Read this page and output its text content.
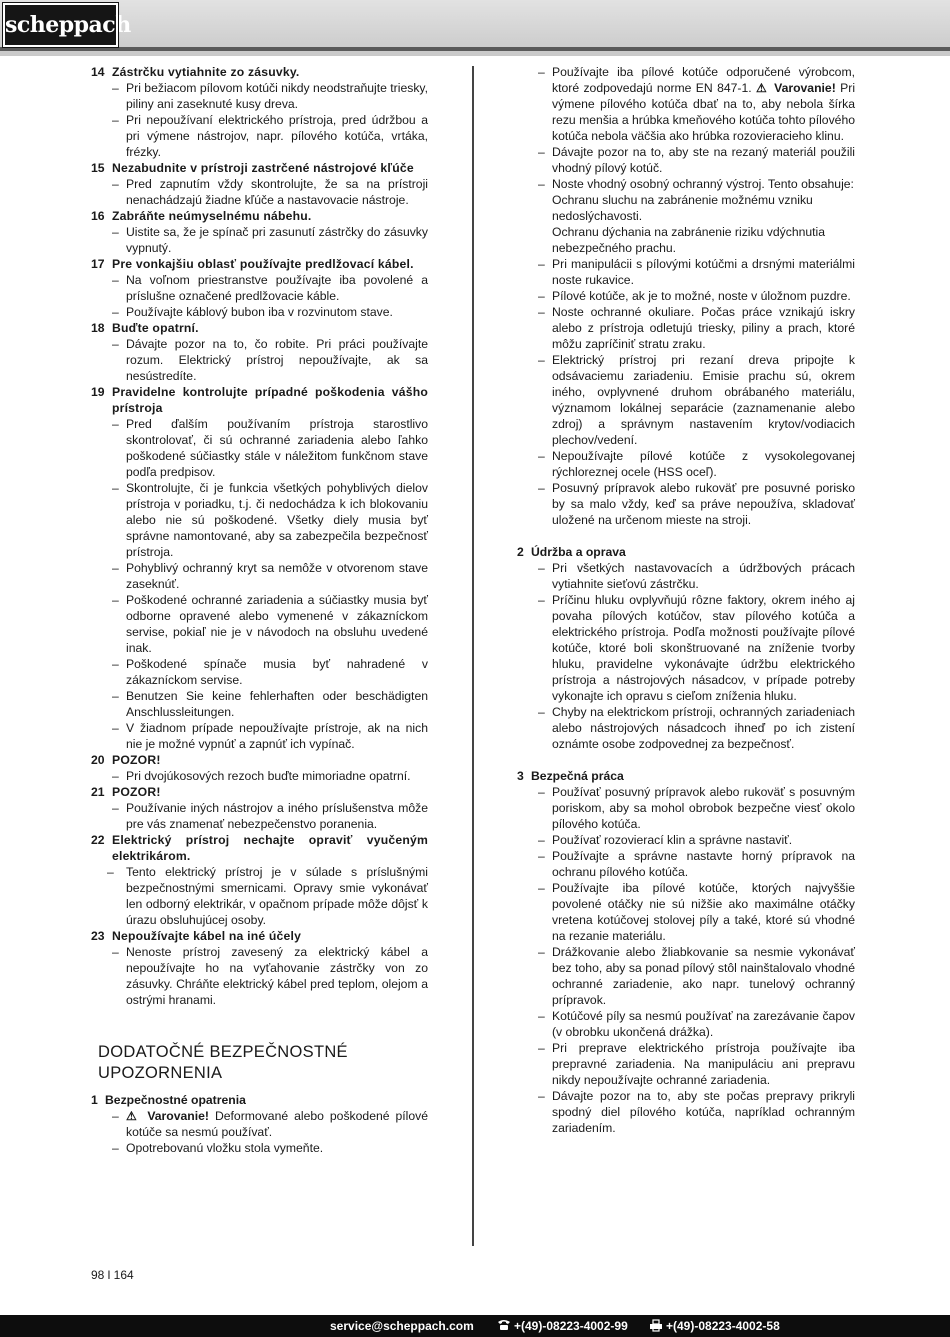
scheppach
14 Zástrčku vytiahnite zo zásuvky.
– Pri bežiacom pílovom kotúči nikdy neodstraňujte triesky, piliny ani zaseknuté kusy dreva.
– Pri nepoužívaní elektrického prístroja, pred údržbou a pri výmene nástrojov, napr. pílového kotúča, vrtáka, frézky.
15 Nezabudnite v prístroji zastrčené nástrojové kľúče
– Pred zapnutím vždy skontrolujte, že sa na prístroji nenachádzajú žiadne kľúče a nastavovacie nástroje.
16 Zabráňte neúmyselnému nábehu.
– Uistite sa, že je spínač pri zasunutí zástrčky do zásuvky vypnutý.
17 Pre vonkajšiu oblasť používajte predlžovací kábel.
– Na voľnom priestranstve používajte iba povolené a príslušne označené predlžovacie káble.
– Používajte káblový bubon iba v rozvinutom stave.
18 Buďte opatrní.
– Dávajte pozor na to, čo robite. Pri práci používajte rozum. Elektrický prístroj nepoužívajte, ak sa nesústredíte.
19 Pravidelne kontrolujte prípadné poškodenia vášho prístroja
– Pred ďalším používaním prístroja starostlivo skontrolovať, či sú ochranné zariadenia alebo ľahko poškodené súčiastky stále v náležitom funkčnom stave podľa predpisov.
– Skontrolujte, či je funkcia všetkých pohyblivých dielov prístroja v poriadku, t.j. či nedochádza k ich blokovaniu alebo nie sú poškodené. Všetky diely musia byť správne namontované, aby sa zabezpečila bezpečnosť prístroja.
– Pohyblivý ochranný kryt sa nemôže v otvorenom stave zaseknúť.
– Poškodené ochranné zariadenia a súčiastky musia byť odborne opravené alebo vymenené v zákazníckom servise, pokiaľ nie je v návodoch na obsluhu uvedené inak.
– Poškodené spínače musia byť nahradené v zákazníckom servise.
– Benutzen Sie keine fehlerhaften oder beschädigten Anschlussleitungen.
– V žiadnom prípade nepoužívajte prístroje, ak na nich nie je možné vypnúť a zapnúť ich vypínač.
20 POZOR!
– Pri dvojúkosových rezoch buďte mimoriadne opatrní.
21 POZOR!
– Používanie iných nástrojov a iného príslušenstva môže pre vás znamenať nebezpečenstvo poranenia.
22 Elektrický prístroj nechajte opraviť vyučeným elektrikárom.
–	Tento elektrický prístroj je v súlade s príslušnými bezpečnostnými smernicami. Opravy smie vykonávať len odborný elektrikár, v opačnom prípade môže dôjsť k úrazu obsluhujúcej osoby.
23 Nepoužívajte kábel na iné účely
– Nenoste prístroj zavesený za elektrický kábel a nepoužívajte ho na vyťahovanie zástrčky von zo zásuvky. Chráňte elektrický kábel pred teplom, olejom a ostrými hranami.
DODATOČNÉ BEZPEČNOSTNÉ UPOZORNENIA
1 Bezpečnostné opatrenia
– ⚠ Varovanie! Deformované alebo poškodené pílové kotúče sa nesmú používať.
– Opotrebovanú vložku stola vymeňte.
– Používajte iba pílové kotúče odporučené výrobcom, ktoré zodpovedajú norme EN 847-1. ⚠ Varovanie! Pri výmene pílového kotúča dbať na to, aby nebola šírka rezu menšia a hrúbka kmeňového kotúča tohto pílového kotúča nebola väčšia ako hrúbka rozovieracieho klinu.
– Dávajte pozor na to, aby ste na rezaný materiál použili vhodný pílový kotúč.
– Noste vhodný osobný ochranný výstroj. Tento obsahuje:
Ochranu sluchu na zabránenie možnému vzniku nedoslýchavosti.
Ochranu dýchania na zabránenie riziku vdýchnutia nebezpečného prachu.
– Pri manipulácii s pílovými kotúčmi a drsnými materiálmi noste rukavice.
– Pílové kotúče, ak je to možné, noste v úložnom puzdre.
– Noste ochranné okuliare. Počas práce vznikajú iskry alebo z prístroja odletujú triesky, piliny a prach, ktoré môžu zapríčiniť stratu zraku.
– Elektrický prístroj pri rezaní dreva pripojte k odsávaciemu zariadeniu. Emisie prachu sú, okrem iného, ovplyvnené druhom obrábaného materiálu, významom lokálnej separácie (zaznamenanie alebo zdroj) a správnym nastavením krytov/vodiacich plechov/vedení.
– Nepoužívajte pílové kotúče z vysokolegovanej rýchloreznej ocele (HSS oceľ).
– Posuvný prípravok alebo rukoväť pre posuvné porisko by sa malo vždy, keď sa práve nepoužíva, skladovať uložené na určenom mieste na stroji.
2 Údržba a oprava
– Pri všetkých nastavovacích a údržbových prácach vytiahnite sieťovú zástrčku.
– Príčinu hluku ovplyvňujú rôzne faktory, okrem iného aj povaha pílových kotúčov, stav pílového kotúča a elektrického prístroja. Podľa možnosti používajte pílové kotúče, ktoré boli skonštruované na zníženie tvorby hluku, pravidelne vykonávajte údržbu elektrického prístroja a nástrojových násadcov, v prípade potreby vykonajte ich opravu s cieľom zníženia hluku.
– Chyby na elektrickom prístroji, ochranných zariadeniach alebo nástrojových násadcoch ihneď po ich zistení oznámte osobe zodpovednej za bezpečnosť.
3 Bezpečná práca
– Používať posuvný prípravok alebo rukoväť s posuvným poriskom, aby sa mohol obrobok bezpečne viesť okolo pílového kotúča.
– Používať rozovierací klin a správne nastaviť.
– Používajte a správne nastavte horný prípravok na ochranu pílového kotúča.
– Používajte iba pílové kotúče, ktorých najvyššie povolené otáčky nie sú nižšie ako maximálne otáčky vretena kotúčovej stolovej píly a také, ktoré sú vhodné na rezanie materiálu.
– Drážkovanie alebo žliabkovanie sa nesmie vykonávať bez toho, aby sa ponad pílový stôl nainštalovalo vhodné ochranné zariadenie, ako napr. tunelový ochranný prípravok.
– Kotúčové píly sa nesmú používať na zarezávanie čapov (v obrobku ukončená drážka).
– Pri preprave elektrického prístroja používajte iba prepravné zariadenia. Na manipuláciu ani prepravu nikdy nepoužívajte ochranné zariadenia.
– Dávajte pozor na to, aby ste počas prepravy prikryli spodný diel pílového kotúča, napríklad ochranným zariadením.
98 l 164
service@scheppach.com	+(49)-08223-4002-99	+(49)-08223-4002-58
